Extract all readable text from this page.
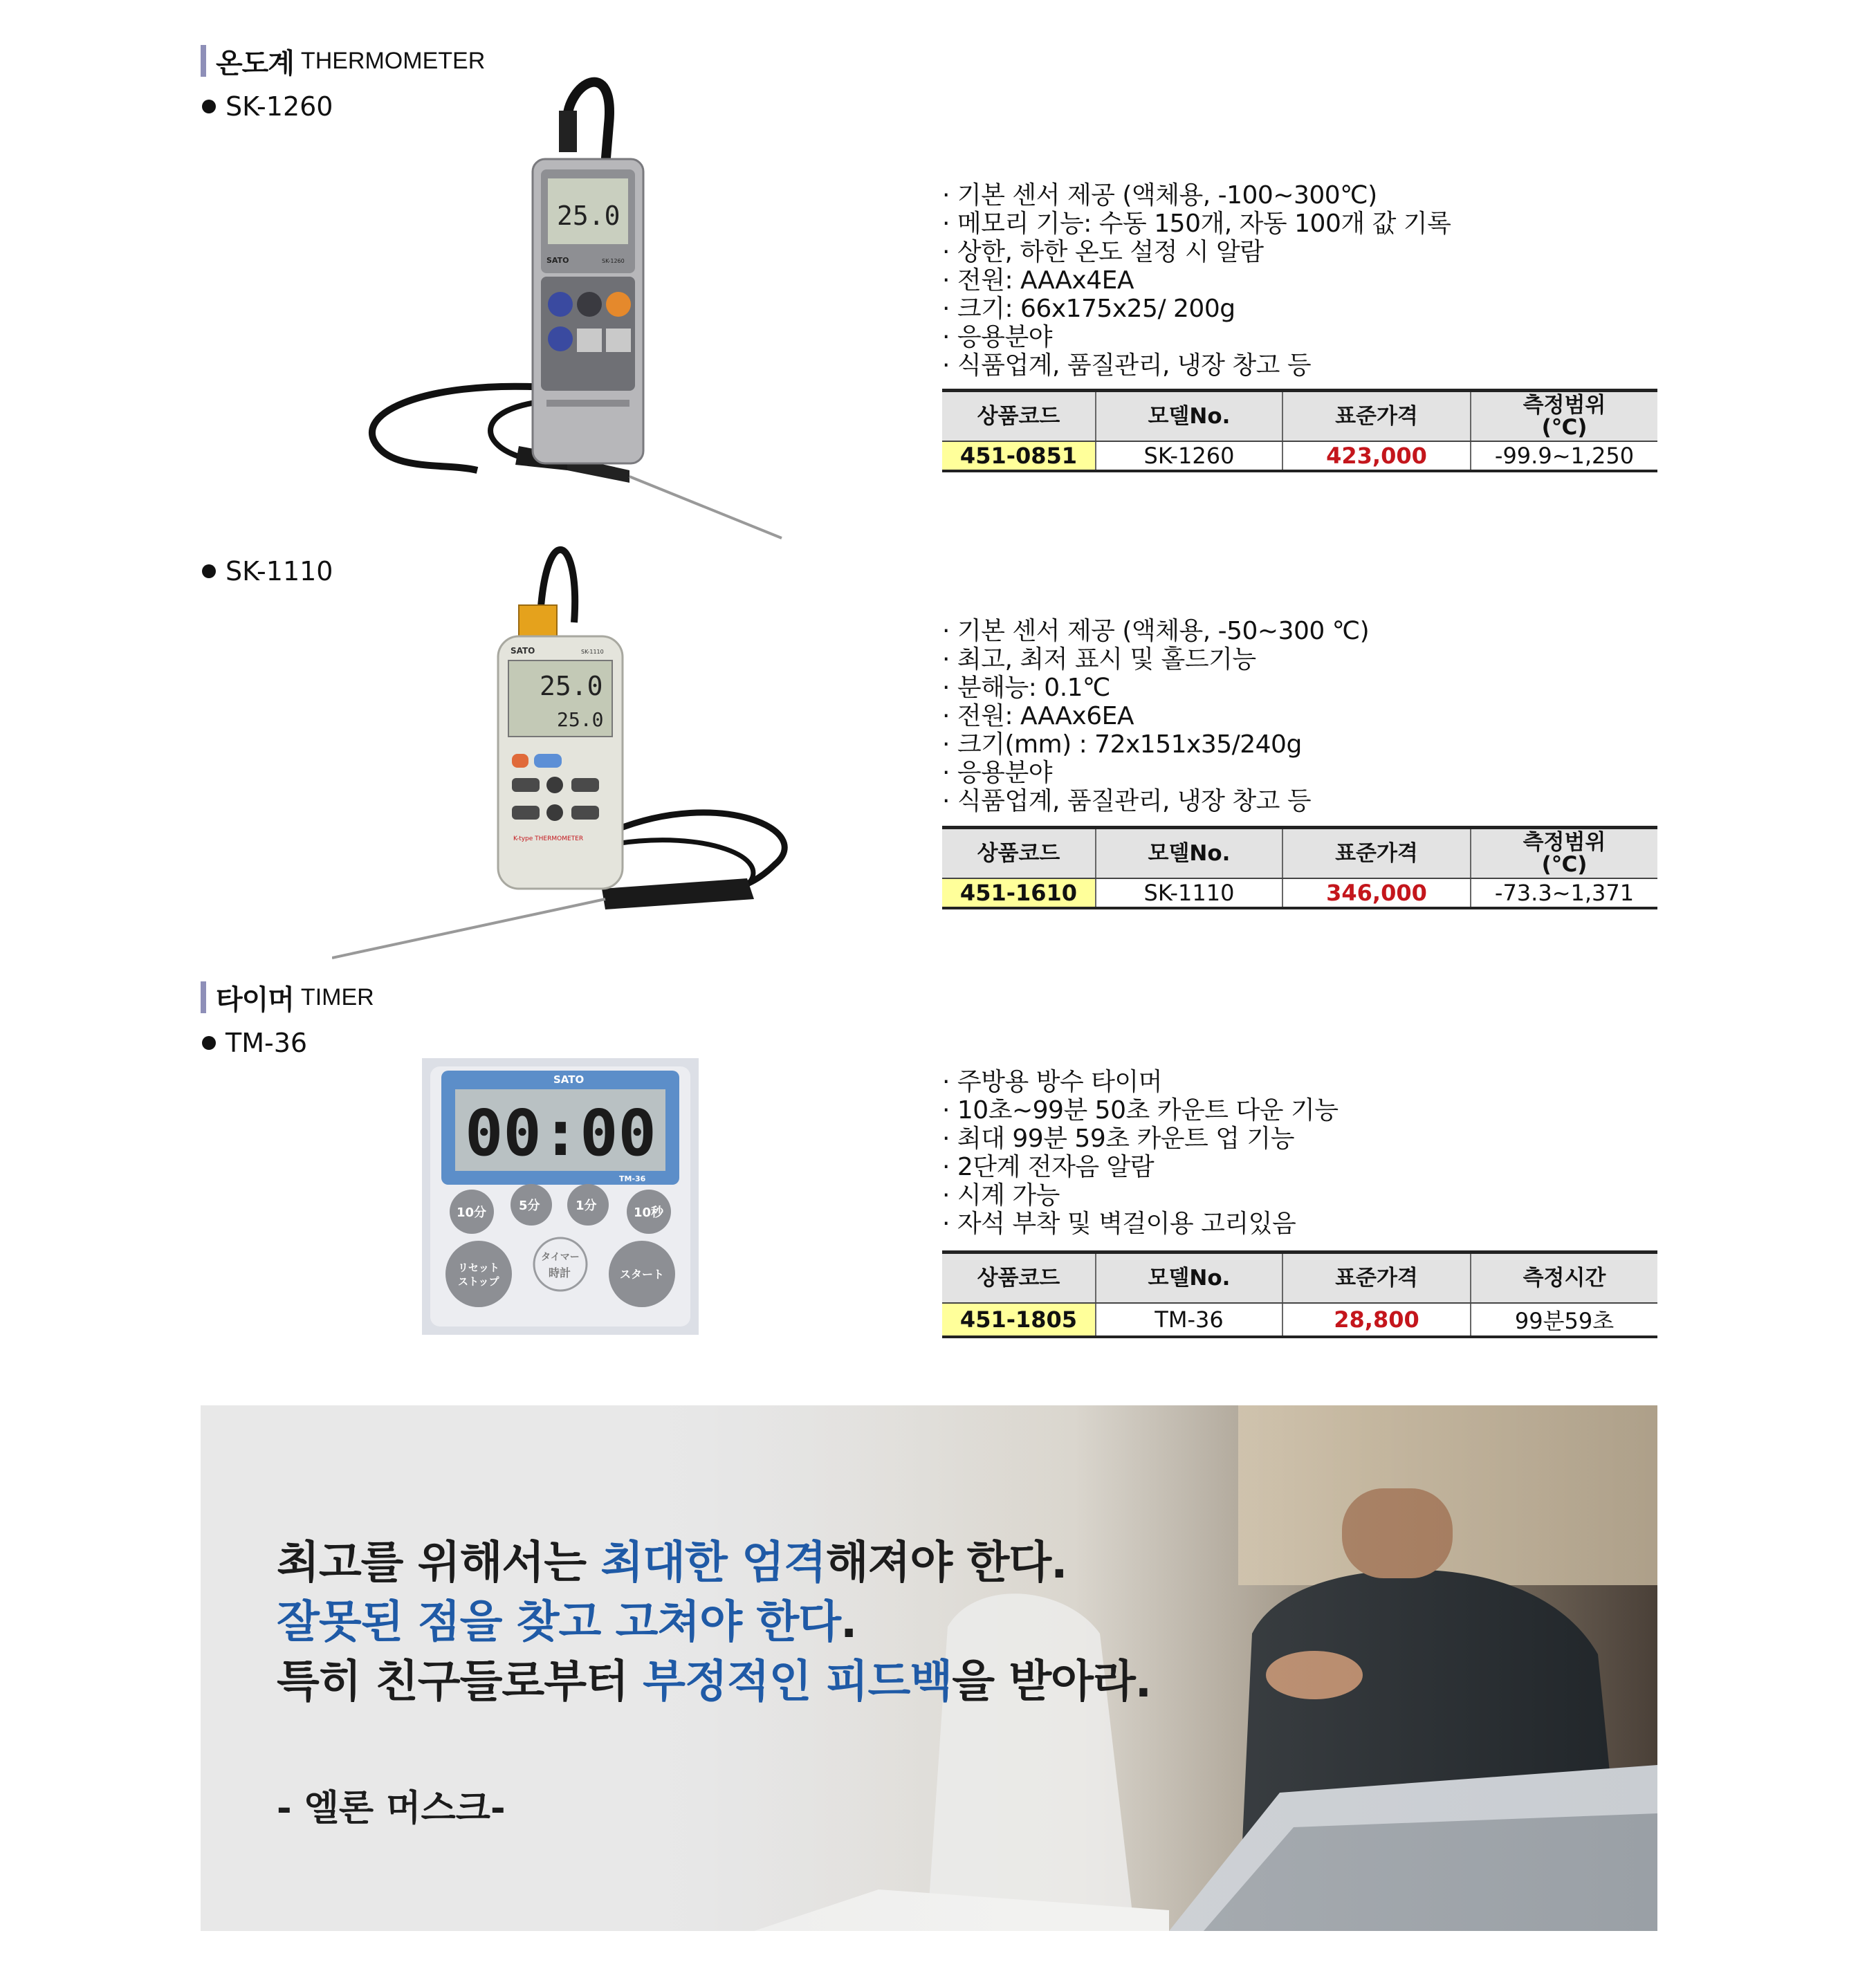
온도계 THERMOMETER
SK-1260
25.0
SATO	SK-1260
· 기본 센서 제공 (액체용, -100~300℃)
· 메모리 기능: 수동 150개, 자동 100개 값 기록
· 상한, 하한 온도 설정 시 알람
· 전원: AAAx4EA
· 크기: 66x175x25/ 200g
· 응용분야
· 식품업계, 품질관리, 냉장 창고 등
상품코드	모델No.	표준가격	측정범위
(℃)
451-0851	SK-1260	423,000	-99.9~1,250
SK-1110
SATO	SK-1110
25.0
25.0
K-type THERMOMETER
· 기본 센서 제공 (액체용, -50~300 ℃)
· 최고, 최저 표시 및 홀드기능
· 분해능: 0.1℃
· 전원: AAAx6EA
· 크기(mm) : 72x151x35/240g
· 응용분야
· 식품업계, 품질관리, 냉장 창고 등
상품코드	모델No.	표준가격	측정범위
(℃)
451-1610	SK-1110	346,000	-73.3~1,371
타이머 TIMER
TM-36
SATO
00:00
TM-36
10分	5分	1分	10秒
リセット
ストップ
タイマー
時計	スタート
· 주방용 방수 타이머
· 10초~99분 50초 카운트 다운 기능
· 최대 99분 59초 카운트 업 기능
· 2단계 전자음 알람
· 시계 가능
· 자석 부착 및 벽걸이용 고리있음
상품코드	모델No.	표준가격	측정시간
451-1805	TM-36	28,800	99분59초
최고를 위해서는 최대한 엄격해져야 한다.
잘못된 점을 찾고 고쳐야 한다.
특히 친구들로부터 부정적인 피드백을 받아라.
- 엘론 머스크-
